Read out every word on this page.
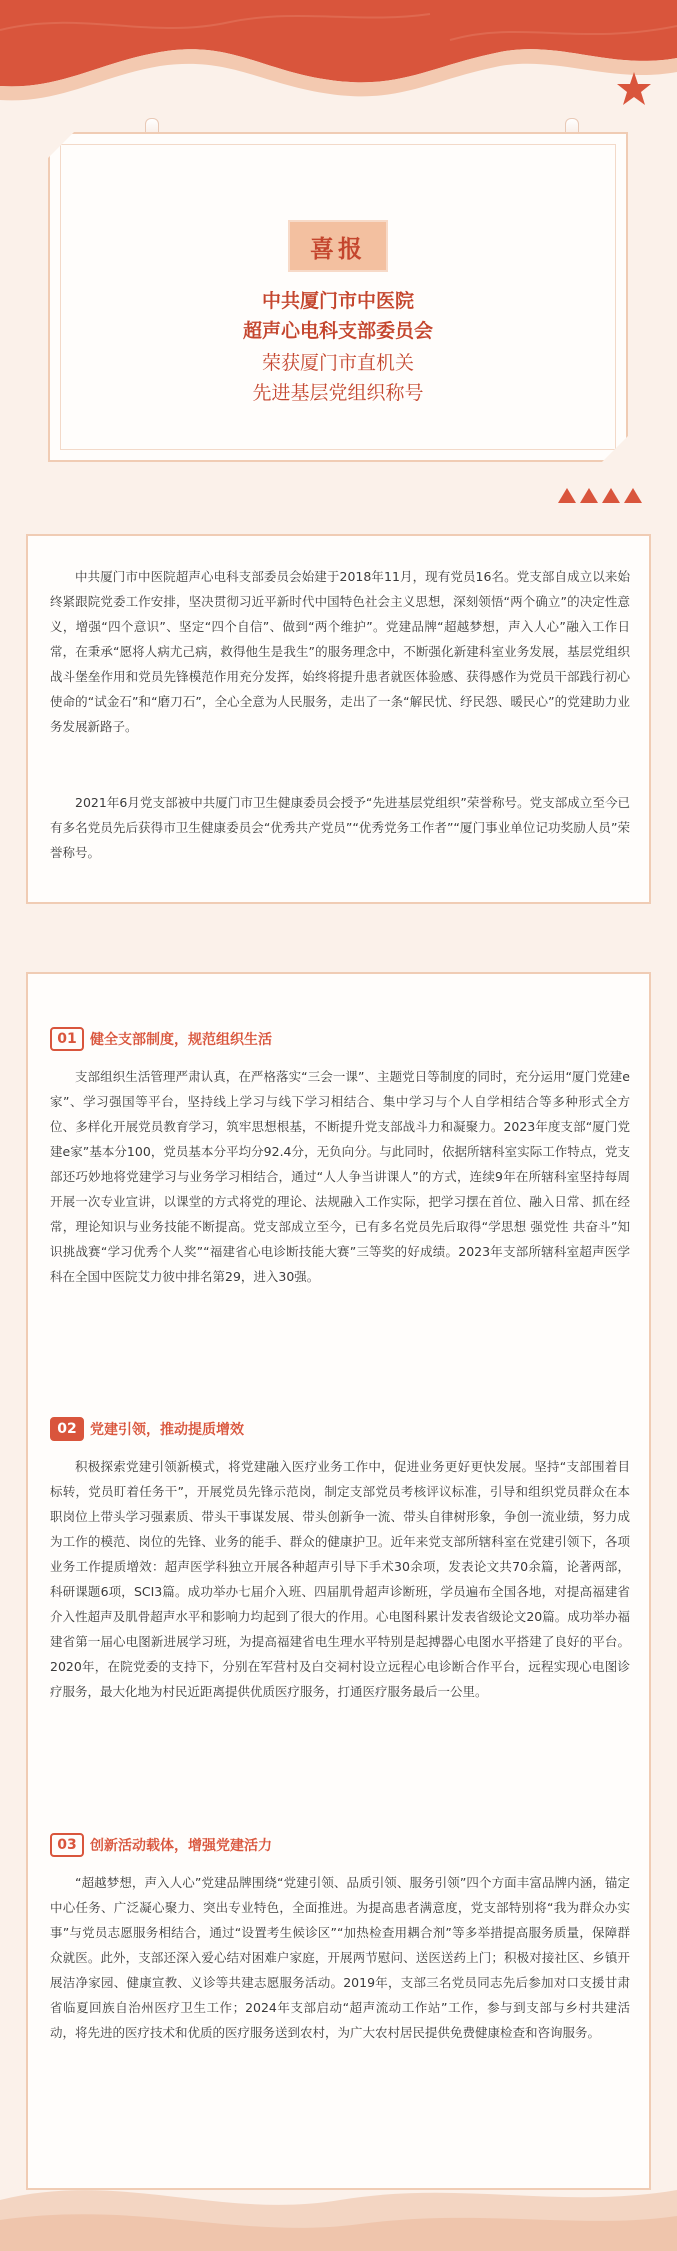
喜报
中共厦门市中医院
超声心电科支部委员会
荣获厦门市直机关
先进基层党组织称号
中共厦门市中医院超声心电科支部委员会始建于2018年11月，现有党员16名。党支部自成立以来始终紧跟院党委工作安排，坚决贯彻习近平新时代中国特色社会主义思想，深刻领悟“两个确立”的决定性意义，增强“四个意识”、坚定“四个自信”、做到“两个维护”。党建品牌“超越梦想，声入人心”融入工作日常，在秉承“愿将人病尤己病，救得他生是我生”的服务理念中，不断强化新建科室业务发展，基层党组织战斗堡垒作用和党员先锋模范作用充分发挥，始终将提升患者就医体验感、获得感作为党员干部践行初心使命的“试金石”和“磨刀石”，全心全意为人民服务，走出了一条“解民忧、纾民怨、暖民心”的党建助力业务发展新路子。
2021年6月党支部被中共厦门市卫生健康委员会授予“先进基层党组织”荣誉称号。党支部成立至今已有多名党员先后获得市卫生健康委员会“优秀共产党员”“优秀党务工作者”“厦门事业单位记功奖励人员”荣誉称号。
01 健全支部制度，规范组织生活
支部组织生活管理严肃认真，在严格落实“三会一课”、主题党日等制度的同时，充分运用“厦门党建e家”、学习强国等平台，坚持线上学习与线下学习相结合、集中学习与个人自学相结合等多种形式全方位、多样化开展党员教育学习，筑牢思想根基，不断提升党支部战斗力和凝聚力。2023年度支部“厦门党建e家”基本分100，党员基本分平均分92.4分，无负向分。与此同时，依据所辖科室实际工作特点，党支部还巧妙地将党建学习与业务学习相结合，通过“人人争当讲课人”的方式，连续9年在所辖科室坚持每周开展一次专业宣讲，以课堂的方式将党的理论、法规融入工作实际，把学习摆在首位、融入日常、抓在经常，理论知识与业务技能不断提高。党支部成立至今，已有多名党员先后取得“学思想 强党性 共奋斗”知识挑战赛“学习优秀个人奖”“福建省心电诊断技能大赛”三等奖的好成绩。2023年支部所辖科室超声医学科在全国中医院艾力彼中排名第29，进入30强。
02 党建引领，推动提质增效
积极探索党建引领新模式，将党建融入医疗业务工作中，促进业务更好更快发展。坚持“支部围着目标转，党员盯着任务干”，开展党员先锋示范岗，制定支部党员考核评议标准，引导和组织党员群众在本职岗位上带头学习强素质、带头干事谋发展、带头创新争一流、带头自律树形象，争创一流业绩，努力成为工作的模范、岗位的先锋、业务的能手、群众的健康护卫。近年来党支部所辖科室在党建引领下，各项业务工作提质增效：超声医学科独立开展各种超声引导下手术30余项，发表论文共70余篇，论著两部，科研课题6项，SCI3篇。成功举办七届介入班、四届肌骨超声诊断班，学员遍布全国各地，对提高福建省介入性超声及肌骨超声水平和影响力均起到了很大的作用。心电图科累计发表省级论文20篇。成功举办福建省第一届心电图新进展学习班，为提高福建省电生理水平特别是起搏器心电图水平搭建了良好的平台。2020年，在院党委的支持下，分别在军营村及白交祠村设立远程心电诊断合作平台，远程实现心电图诊疗服务，最大化地为村民近距离提供优质医疗服务，打通医疗服务最后一公里。
03 创新活动载体，增强党建活力
“超越梦想，声入人心”党建品牌围绕“党建引领、品质引领、服务引领”四个方面丰富品牌内涵，锚定中心任务、广泛凝心聚力、突出专业特色，全面推进。为提高患者满意度，党支部特别将“我为群众办实事”与党员志愿服务相结合，通过“设置考生候诊区”“加热检查用耦合剂”等多举措提高服务质量，保障群众就医。此外，支部还深入爱心结对困难户家庭，开展两节慰问、送医送药上门；积极对接社区、乡镇开展洁净家园、健康宣教、义诊等共建志愿服务活动。2019年，支部三名党员同志先后参加对口支援甘肃省临夏回族自治州医疗卫生工作；2024年支部启动“超声流动工作站”工作，参与到支部与乡村共建活动，将先进的医疗技术和优质的医疗服务送到农村，为广大农村居民提供免费健康检查和咨询服务。
